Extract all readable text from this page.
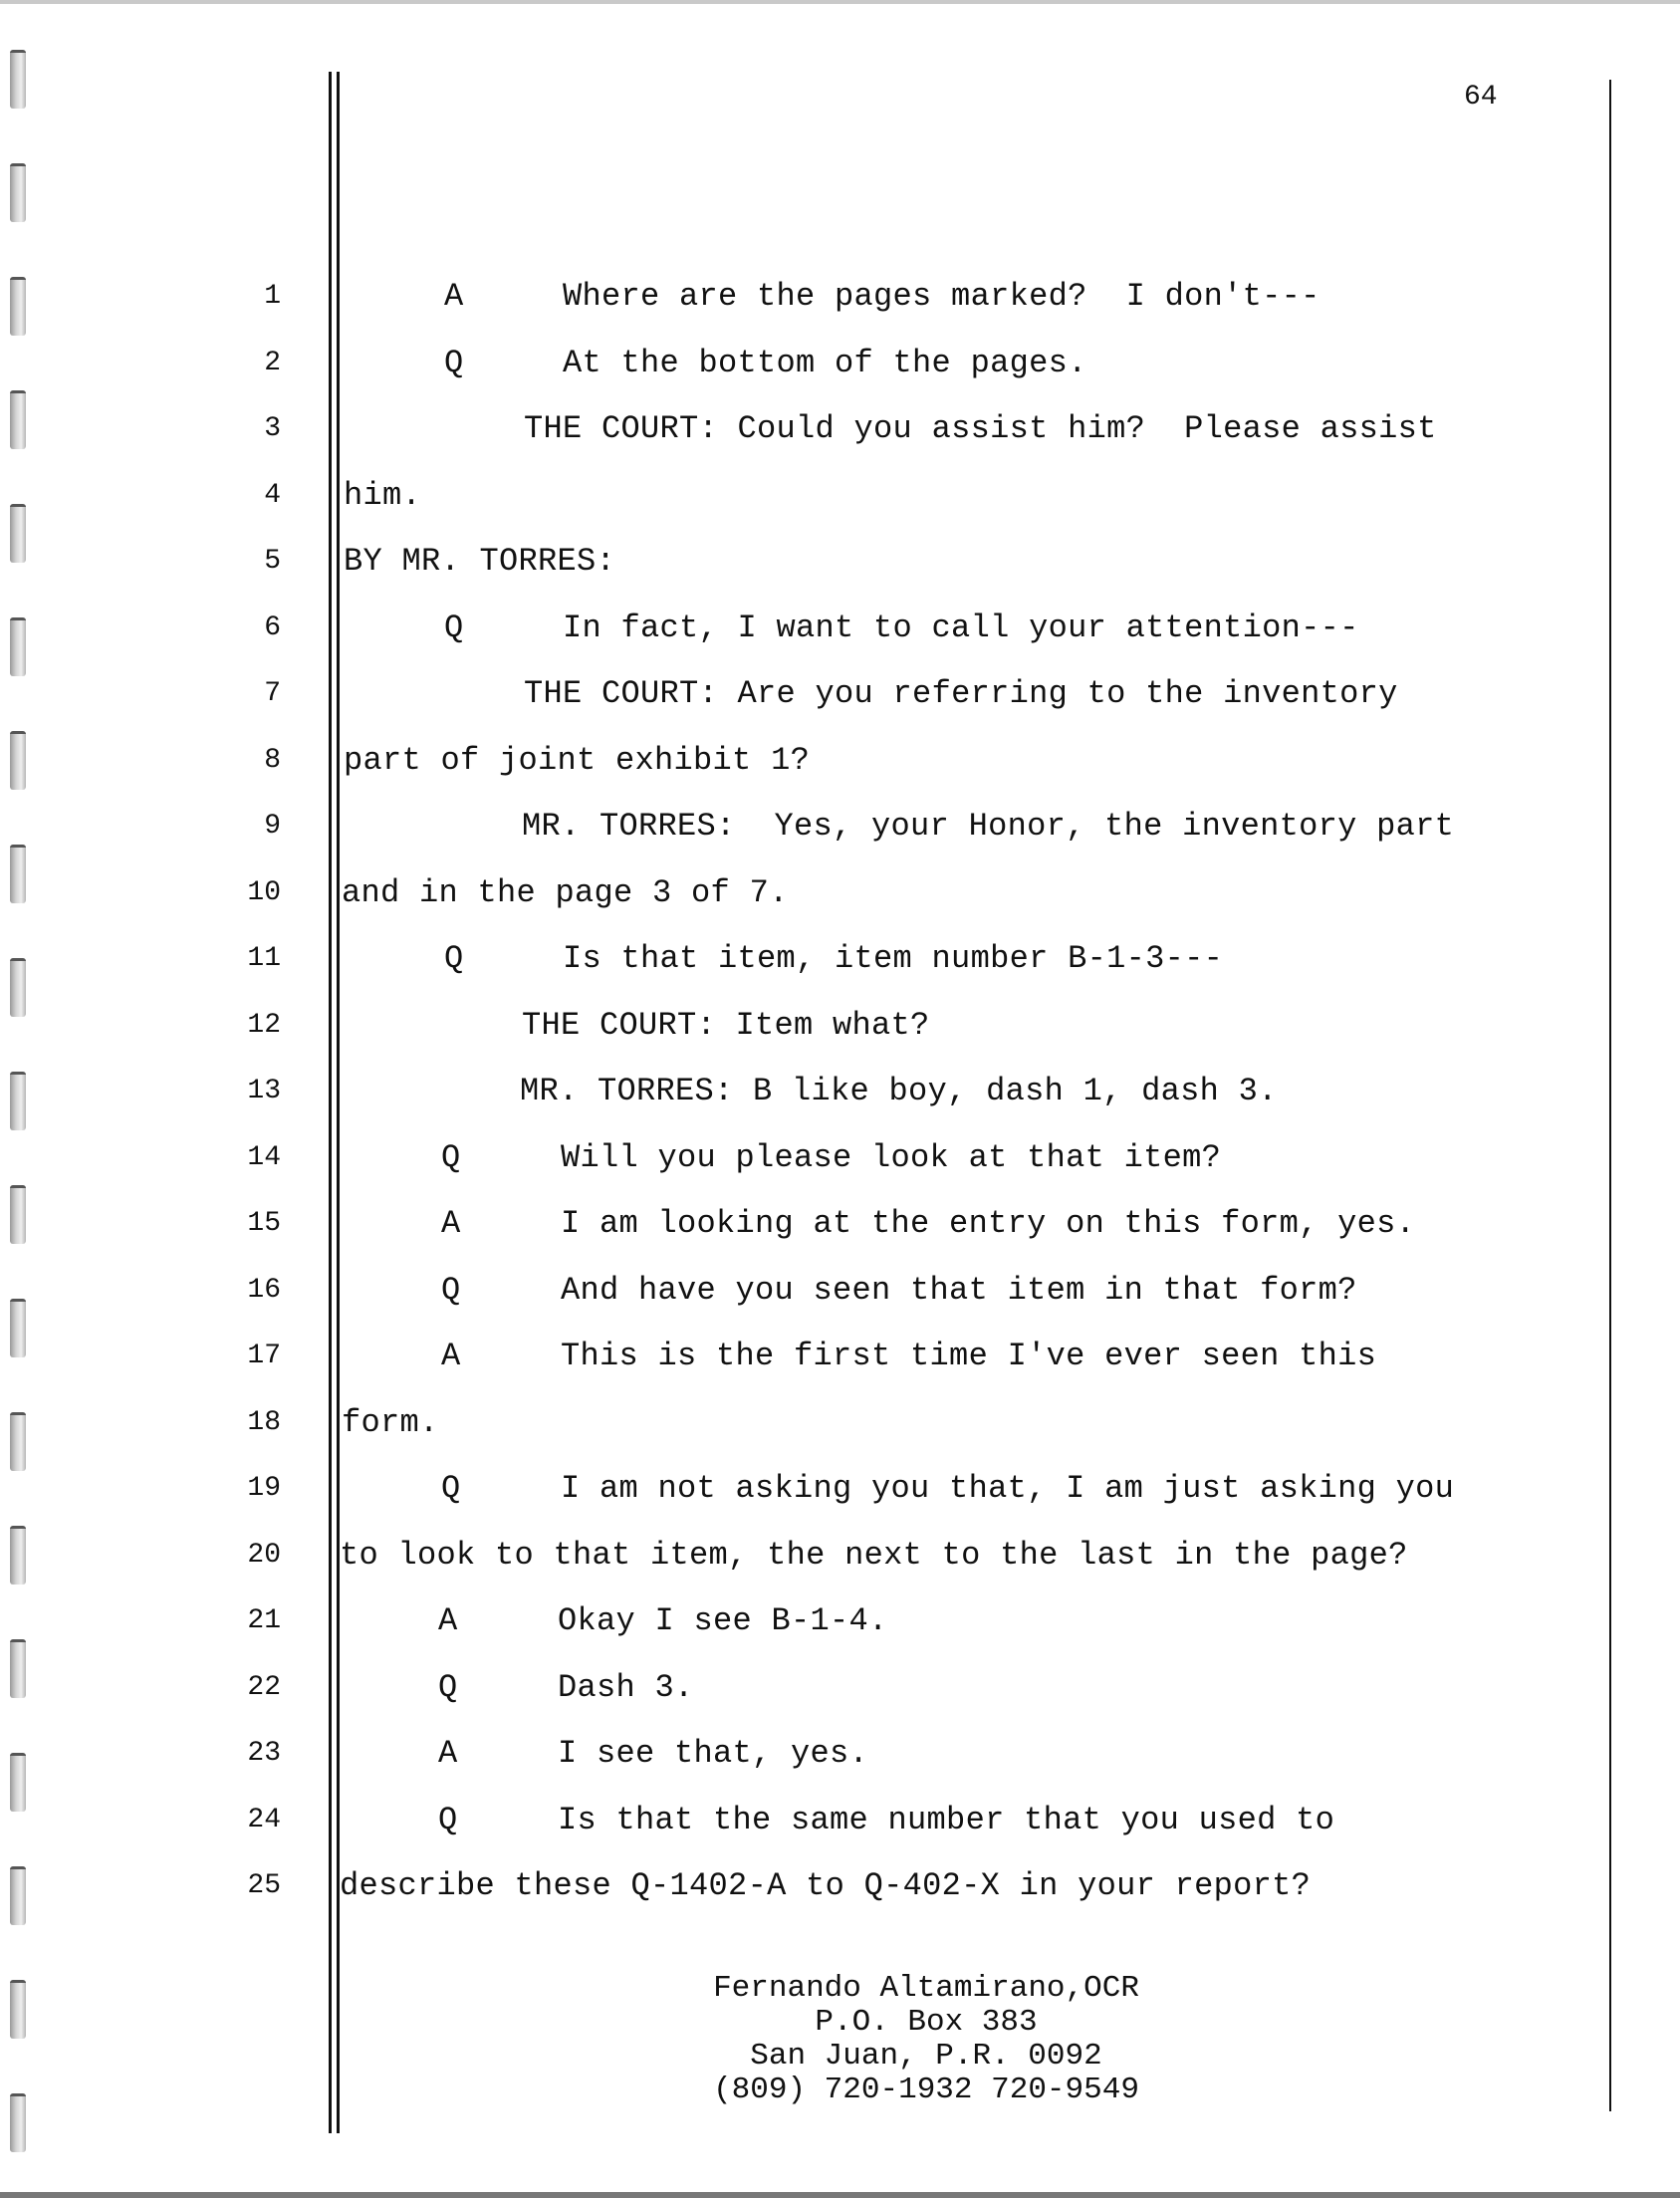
64
1
2
3
4
5
6
7
8
9
10
11
12
13
14
15
16
17
18
19
20
21
22
23
24
25
A
Q
Q
Q
Q
A
Q
A
Q
A
Q
A
Q
Where are the pages marked?  I don't---
At the bottom of the pages.
THE COURT: Could you assist him?  Please assist
him.
BY MR. TORRES:
In fact, I want to call your attention---
THE COURT: Are you referring to the inventory
part of joint exhibit 1?
MR. TORRES:  Yes, your Honor, the inventory part
and in the page 3 of 7.
Is that item, item number B-1-3---
THE COURT: Item what?
MR. TORRES: B like boy, dash 1, dash 3.
Will you please look at that item?
I am looking at the entry on this form, yes.
And have you seen that item in that form?
This is the first time I've ever seen this
form.
I am not asking you that, I am just asking you
to look to that item, the next to the last in the page?
Okay I see B-1-4.
Dash 3.
I see that, yes.
Is that the same number that you used to
describe these Q-1402-A to Q-402-X in your report?
Fernando Altamirano,OCR
P.O. Box 383
San Juan, P.R. 0092
(809) 720-1932 720-9549
